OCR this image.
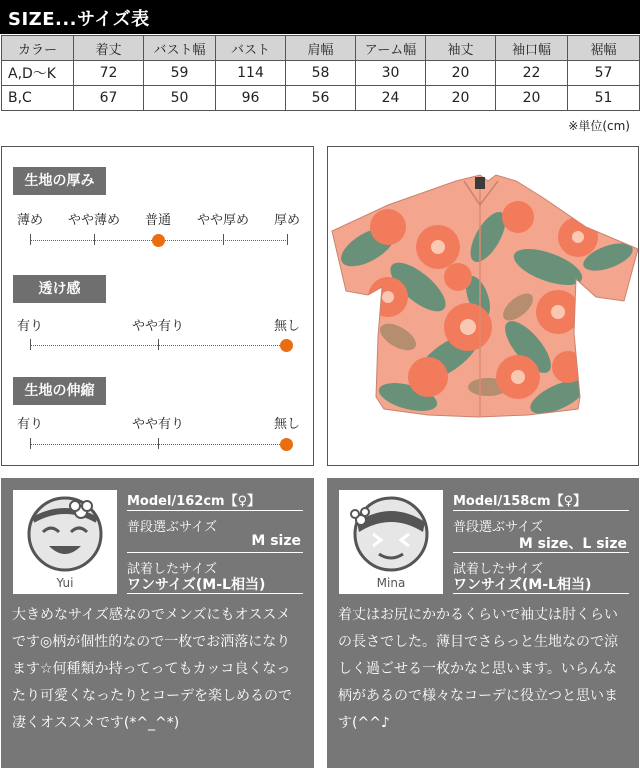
SIZE...サイズ表
カラー	着丈	バスト幅	バスト	肩幅	アーム幅	袖丈	袖口幅	裾幅
A,D〜K	72	59	114	58	30	20	22	57
B,C	67	50	96	56	24	20	20	51
※単位(cm)
生地の厚み
薄め やや薄め 普通 やや厚め 厚め
透け感
有り	やや有り	無し
生地の伸縮
有り	やや有り	無し
Yui
Model/162cm【♀】
普段選ぶサイズ
M size
試着したサイズ
ワンサイズ(M-L相当)
大きめなサイズ感なのでメンズにもオススメです◎柄が個性的なので一枚でお洒落になります☆何種類か持ってってもカッコ良くなったり可愛くなったりとコーデを楽しめるので凄くオススメです(*^_^*)
Mina
Model/158cm【♀】
普段選ぶサイズ
M size、L size
試着したサイズ
ワンサイズ(M-L相当)
着丈はお尻にかかるくらいで袖丈は肘くらいの長さでした。薄目でさらっと生地なので涼しく過ごせる一枚かなと思います。いらんな柄があるので様々なコーデに役立つと思います(^^♪
